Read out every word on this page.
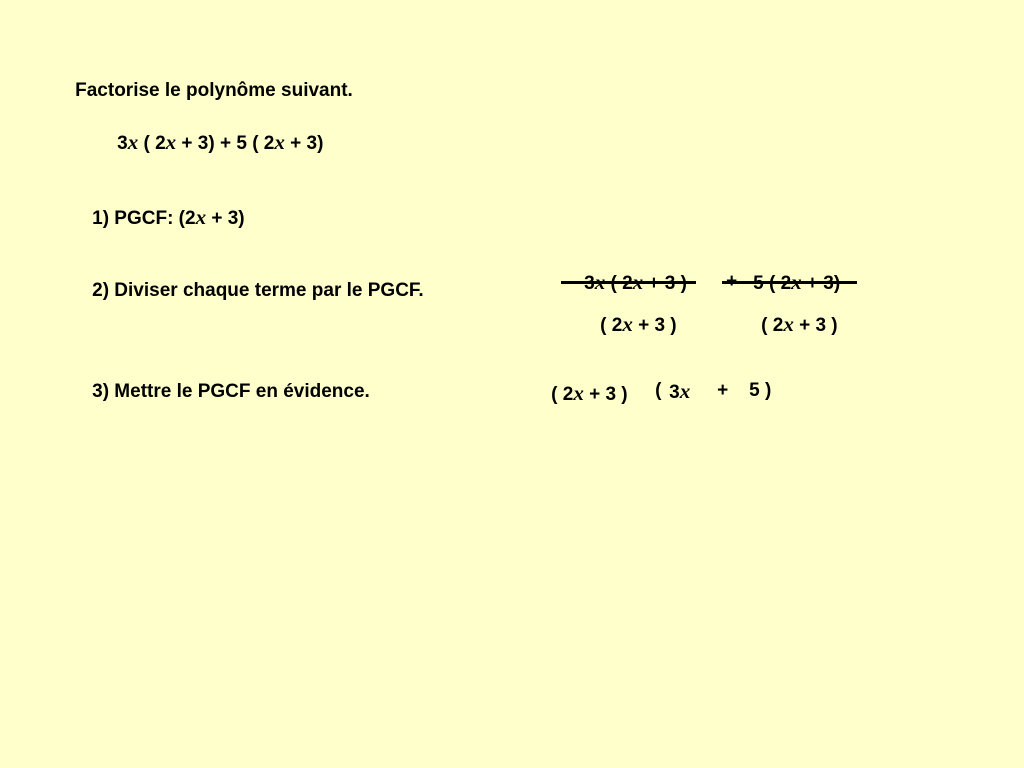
Factorise le polynôme suivant.

3x ( 2x + 3) + 5 ( 2x + 3)

1) PGCF: (2x + 3)

2) Diviser chaque terme par le PGCF.

( 2x + 3 )

	( 2x + 3 )

3) Mettre le PGCF en évidence.
	( 2x + 3 )
	(
3x
	+
	5 )
